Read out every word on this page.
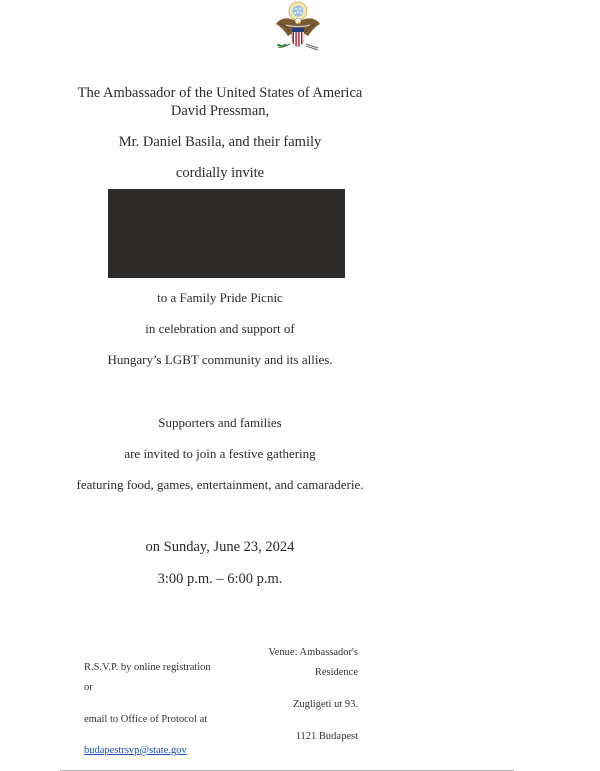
The Ambassador of the United States of America
David Pressman,
Mr. Daniel Basila, and their family
cordially invite
to a Family Pride Picnic
in celebration and support of
Hungary’s LGBT community and its allies.
Supporters and families
are invited to join a festive gathering
featuring food, games, entertainment, and camaraderie.
on Sunday, June 23, 2024
3:00 p.m. – 6:00 p.m.
Venue: Ambassador's
Residence
Zugligeti ut 93.
1121 Budapest
R.S.V.P. by online registration
or
email to Office of Protocol at
budapestrsvp@state.gov
